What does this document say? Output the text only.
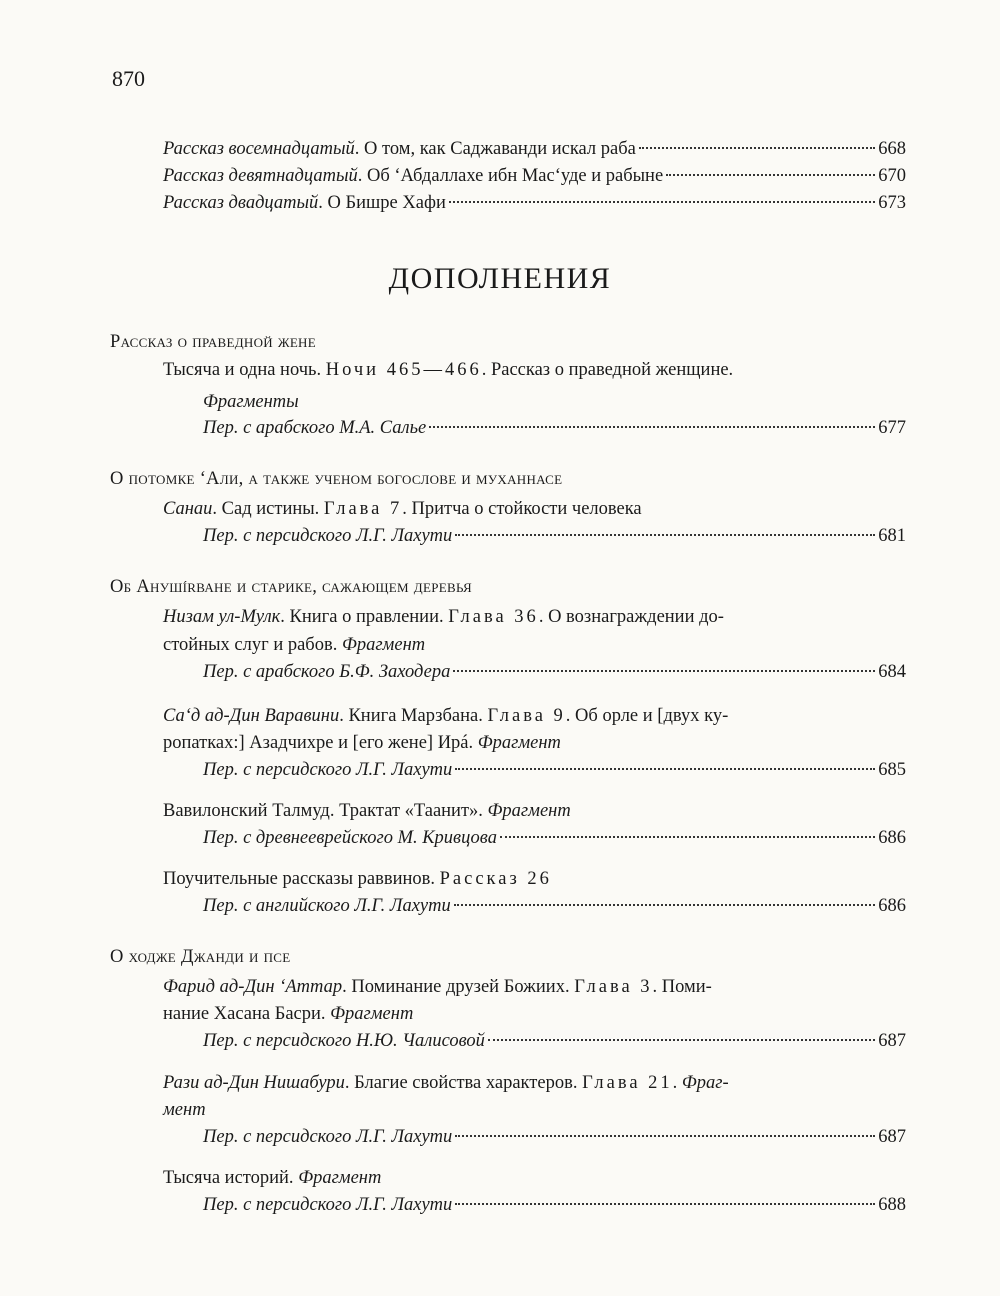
870
Рассказ восемнадцатый. О том, как Саджаванди искал раба	668
Рассказ девятнадцатый. Об ‘Абдаллахе ибн Мас‘уде и рабыне	670
Рассказ двадцатый. О Бишре Хафи	673
ДОПОЛНЕНИЯ
Рассказ о праведной жене
Тысяча и одна ночь. Ночи 465—466. Рассказ о праведной женщине.
Фрагменты
Пер. с арабского М.А. Салье	677
О потомке ‘Али, а также ученом богослове и муханнасе
Санаи. Сад истины. Глава 7. Притча о стойкости человека
Пер. с персидского Л.Г. Лахути	681
Об Анушírване и старике, сажающем деревья
Низам ул-Мулк. Книга о правлении. Глава 36. О вознаграждении до-
стойных слуг и рабов. Фрагмент
Пер. с арабского Б.Ф. Заходера	684
Са‘д ад-Дин Варавини. Книга Марзбана. Глава 9. Об орле и [двух ку-
ропатках:] Азадчихре и [его жене] Ирá. Фрагмент
Пер. с персидского Л.Г. Лахути	685
Вавилонский Талмуд. Трактат «Таанит». Фрагмент
Пер. с древнееврейского М. Кривцова	686
Поучительные рассказы раввинов. Рассказ 26
Пер. с английского Л.Г. Лахути	686
О ходже Джанди и псе
Фарид ад-Дин ‘Аттар. Поминание друзей Божиих. Глава 3. Поми-
нание Хасана Басри. Фрагмент
Пер. с персидского Н.Ю. Чалисовой	687
Рази ад-Дин Нишабури. Благие свойства характеров. Глава 21. Фраг-
мент
Пер. с персидского Л.Г. Лахути	687
Тысяча историй. Фрагмент
Пер. с персидского Л.Г. Лахути	688
